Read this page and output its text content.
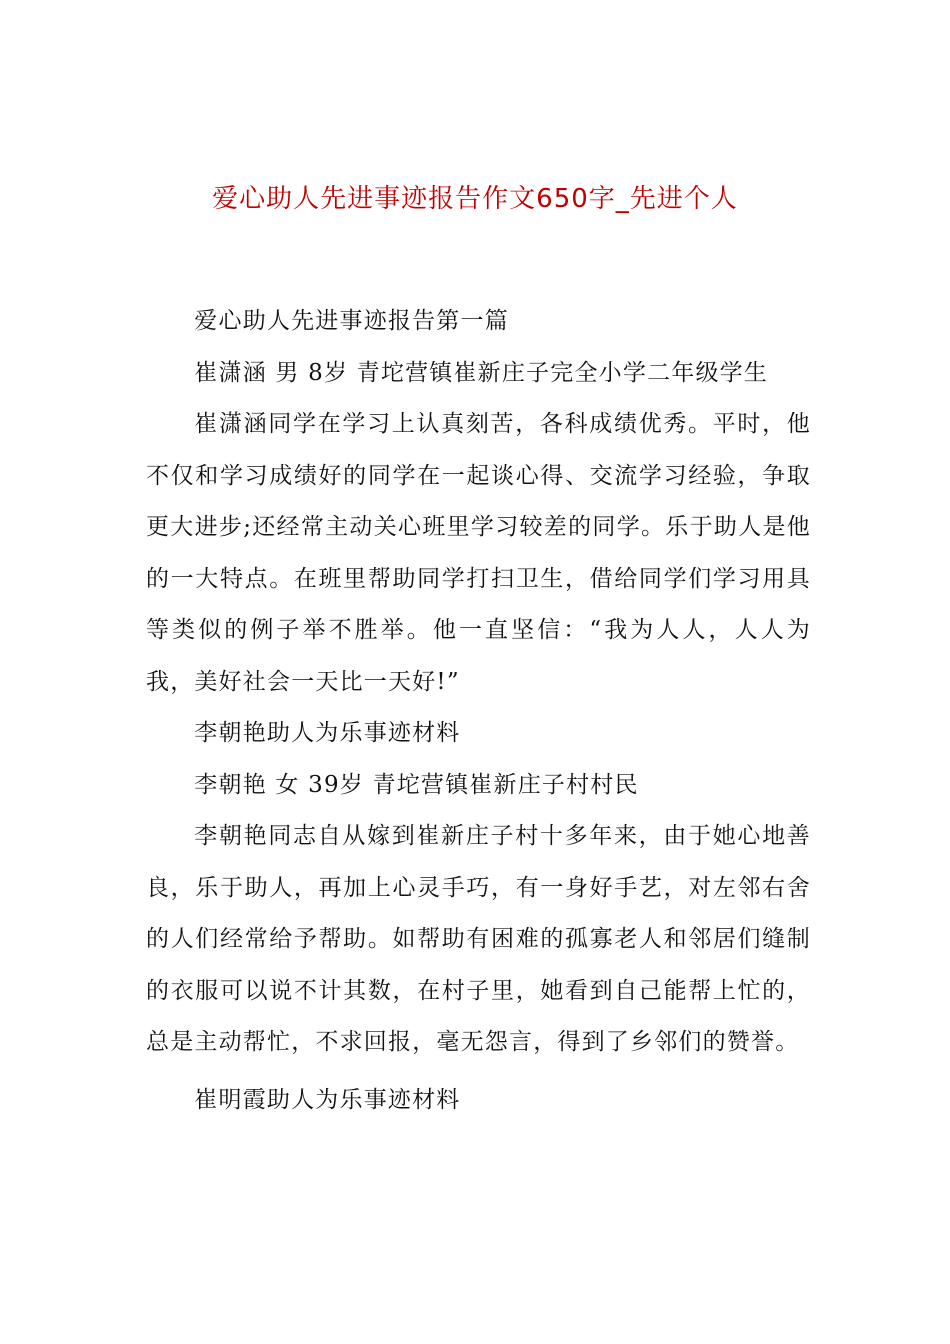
爱心助人先进事迹报告作文650字_先进个人

爱心助人先进事迹报告第一篇

崔潇涵 男 8岁 青坨营镇崔新庄子完全小学二年级学生

崔潇涵同学在学习上认真刻苦，各科成绩优秀。平时，他不仅和学习成绩好的同学在一起谈心得、交流学习经验，争取更大进步;还经常主动关心班里学习较差的同学。乐于助人是他的一大特点。在班里帮助同学打扫卫生，借给同学们学习用具等类似的例子举不胜举。他一直坚信：“我为人人，人人为我，美好社会一天比一天好!”

李朝艳助人为乐事迹材料

李朝艳 女 39岁 青坨营镇崔新庄子村村民

李朝艳同志自从嫁到崔新庄子村十多年来，由于她心地善良，乐于助人，再加上心灵手巧，有一身好手艺，对左邻右舍的人们经常给予帮助。如帮助有困难的孤寡老人和邻居们缝制的衣服可以说不计其数，在村子里，她看到自己能帮上忙的，总是主动帮忙，不求回报，毫无怨言，得到了乡邻们的赞誉。

崔明霞助人为乐事迹材料
